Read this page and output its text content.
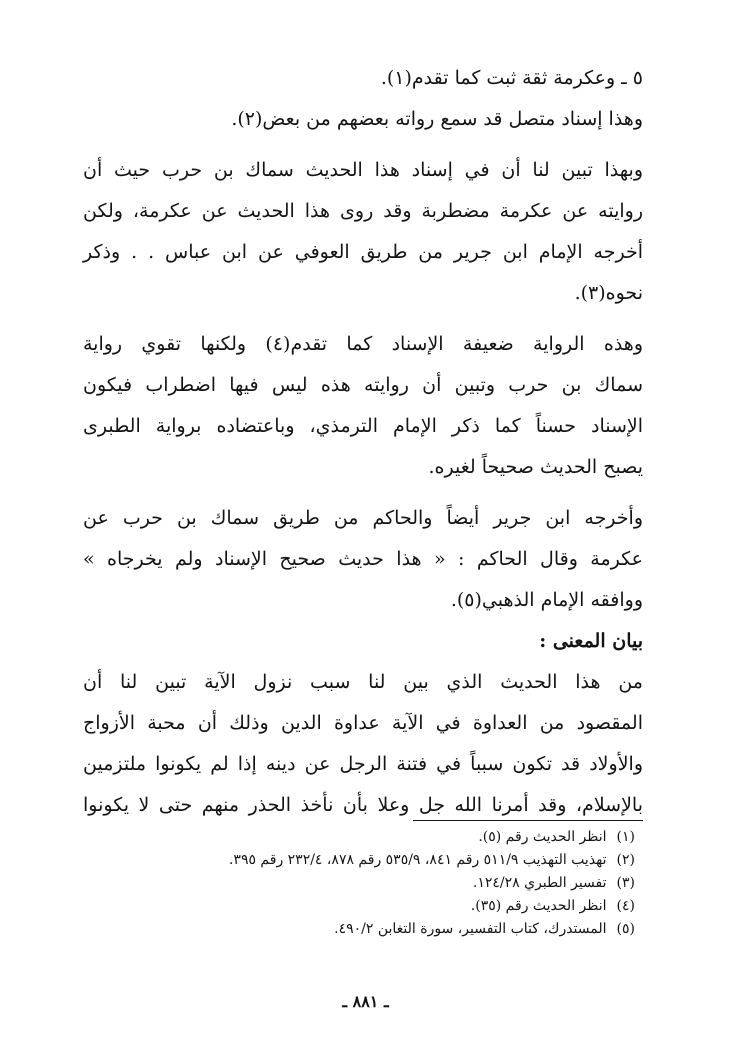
٥ ـ وعكرمة ثقة ثبت كما تقدم(١).
وهذا إسناد متصل قد سمع رواته بعضهم من بعض(٢).
وبهذا تبين لنا أن في إسناد هذا الحديث سماك بن حرب حيث أن
روايته عن عكرمة مضطربة وقد روى هذا الحديث عن عكرمة، ولكن
أخرجه الإمام ابن جرير من طريق العوفي عن ابن عباس . . وذكر
نحوه(٣).
وهذه الرواية ضعيفة الإسناد كما تقدم(٤) ولكنها تقوي رواية
سماك بن حرب وتبين أن روايته هذه ليس فيها اضطراب فيكون
الإسناد حسناً كما ذكر الإمام الترمذي، وباعتضاده برواية الطبرى
يصبح الحديث صحيحاً لغيره.
وأخرجه ابن جرير أيضاً والحاكم من طريق سماك بن حرب عن
عكرمة وقال الحاكم : « هذا حديث صحيح الإسناد ولم يخرجاه »
ووافقه الإمام الذهبي(٥).
بيان المعنى :
من هذا الحديث الذي بين لنا سبب نزول الآية تبين لنا أن
المقصود من العداوة في الآية عداوة الدين وذلك أن محبة الأزواج
والأولاد قد تكون سبباً في فتنة الرجل عن دينه إذا لم يكونوا ملتزمين
بالإسلام، وقد أمرنا الله جل وعلا بأن نأخذ الحذر منهم حتى لا يكونوا
(١)انظر الحديث رقم (٥).
(٢)تهذيب التهذيب ٥١١/٩ رقم ٨٤١، ٥٣٥/٩ رقم ٨٧٨، ٢٣٢/٤ رقم ٣٩٥.
(٣)تفسير الطبري ١٢٤/٢٨.
(٤)انظر الحديث رقم (٣٥).
(٥)المستدرك، كتاب التفسير، سورة التغابن ٤٩٠/٢.
ـ ٨٨١ ـ
